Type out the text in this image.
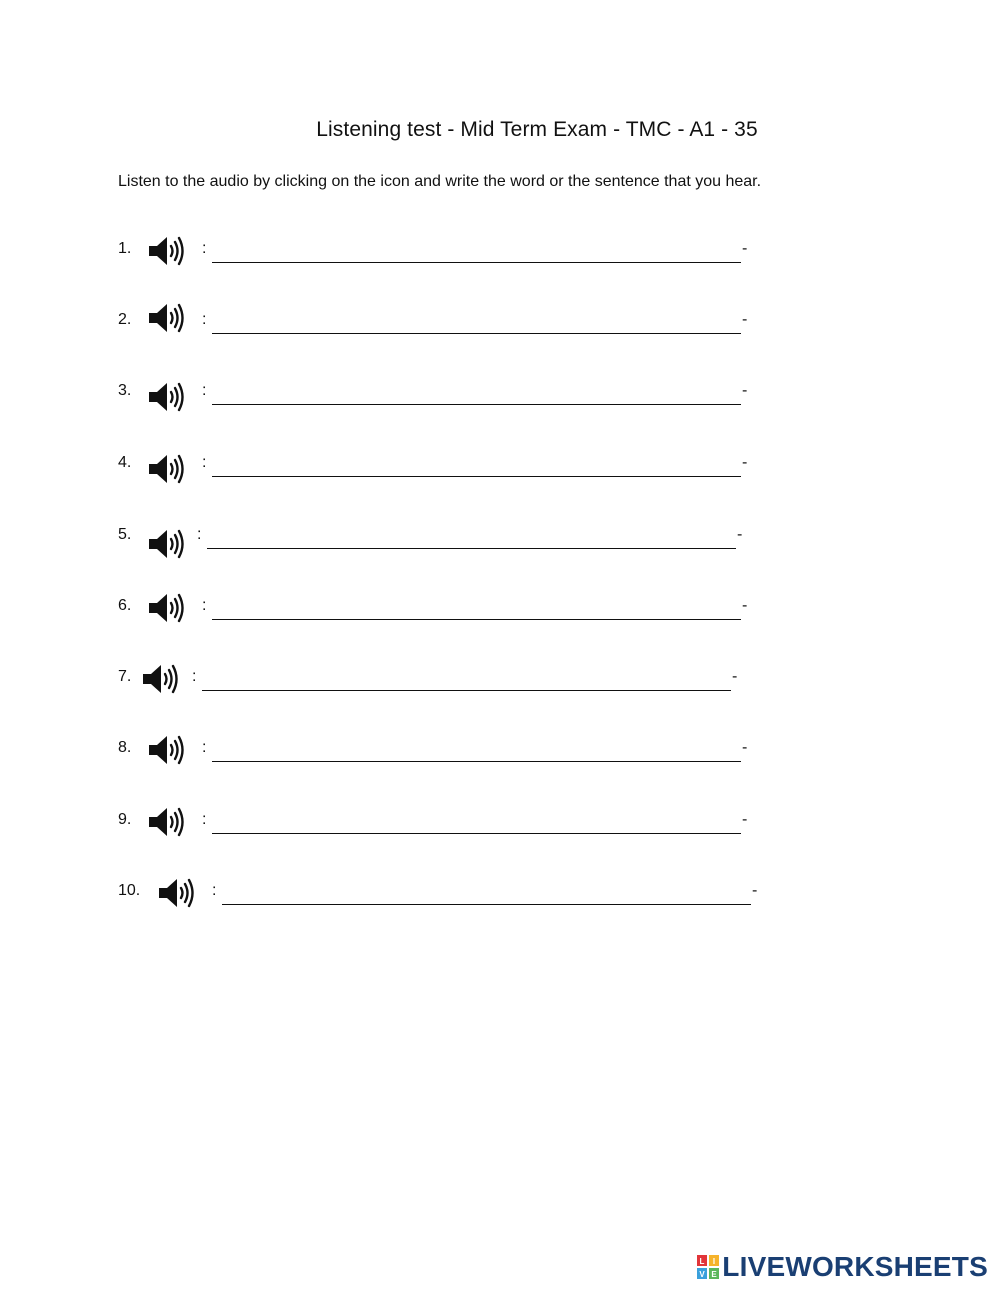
Listening test - Mid Term Exam - TMC - A1 - 35
Listen to the audio by clicking on the icon and write the word or the sentence that you hear.
1.	:	-
2.	:	-
3.	:	-
4.	:	-
5.	:	-
6.	:	-
7.	:	-
8.	:	-
9.	:	-
10.	:	-
L I
V E LIVEWORKSHEETS
